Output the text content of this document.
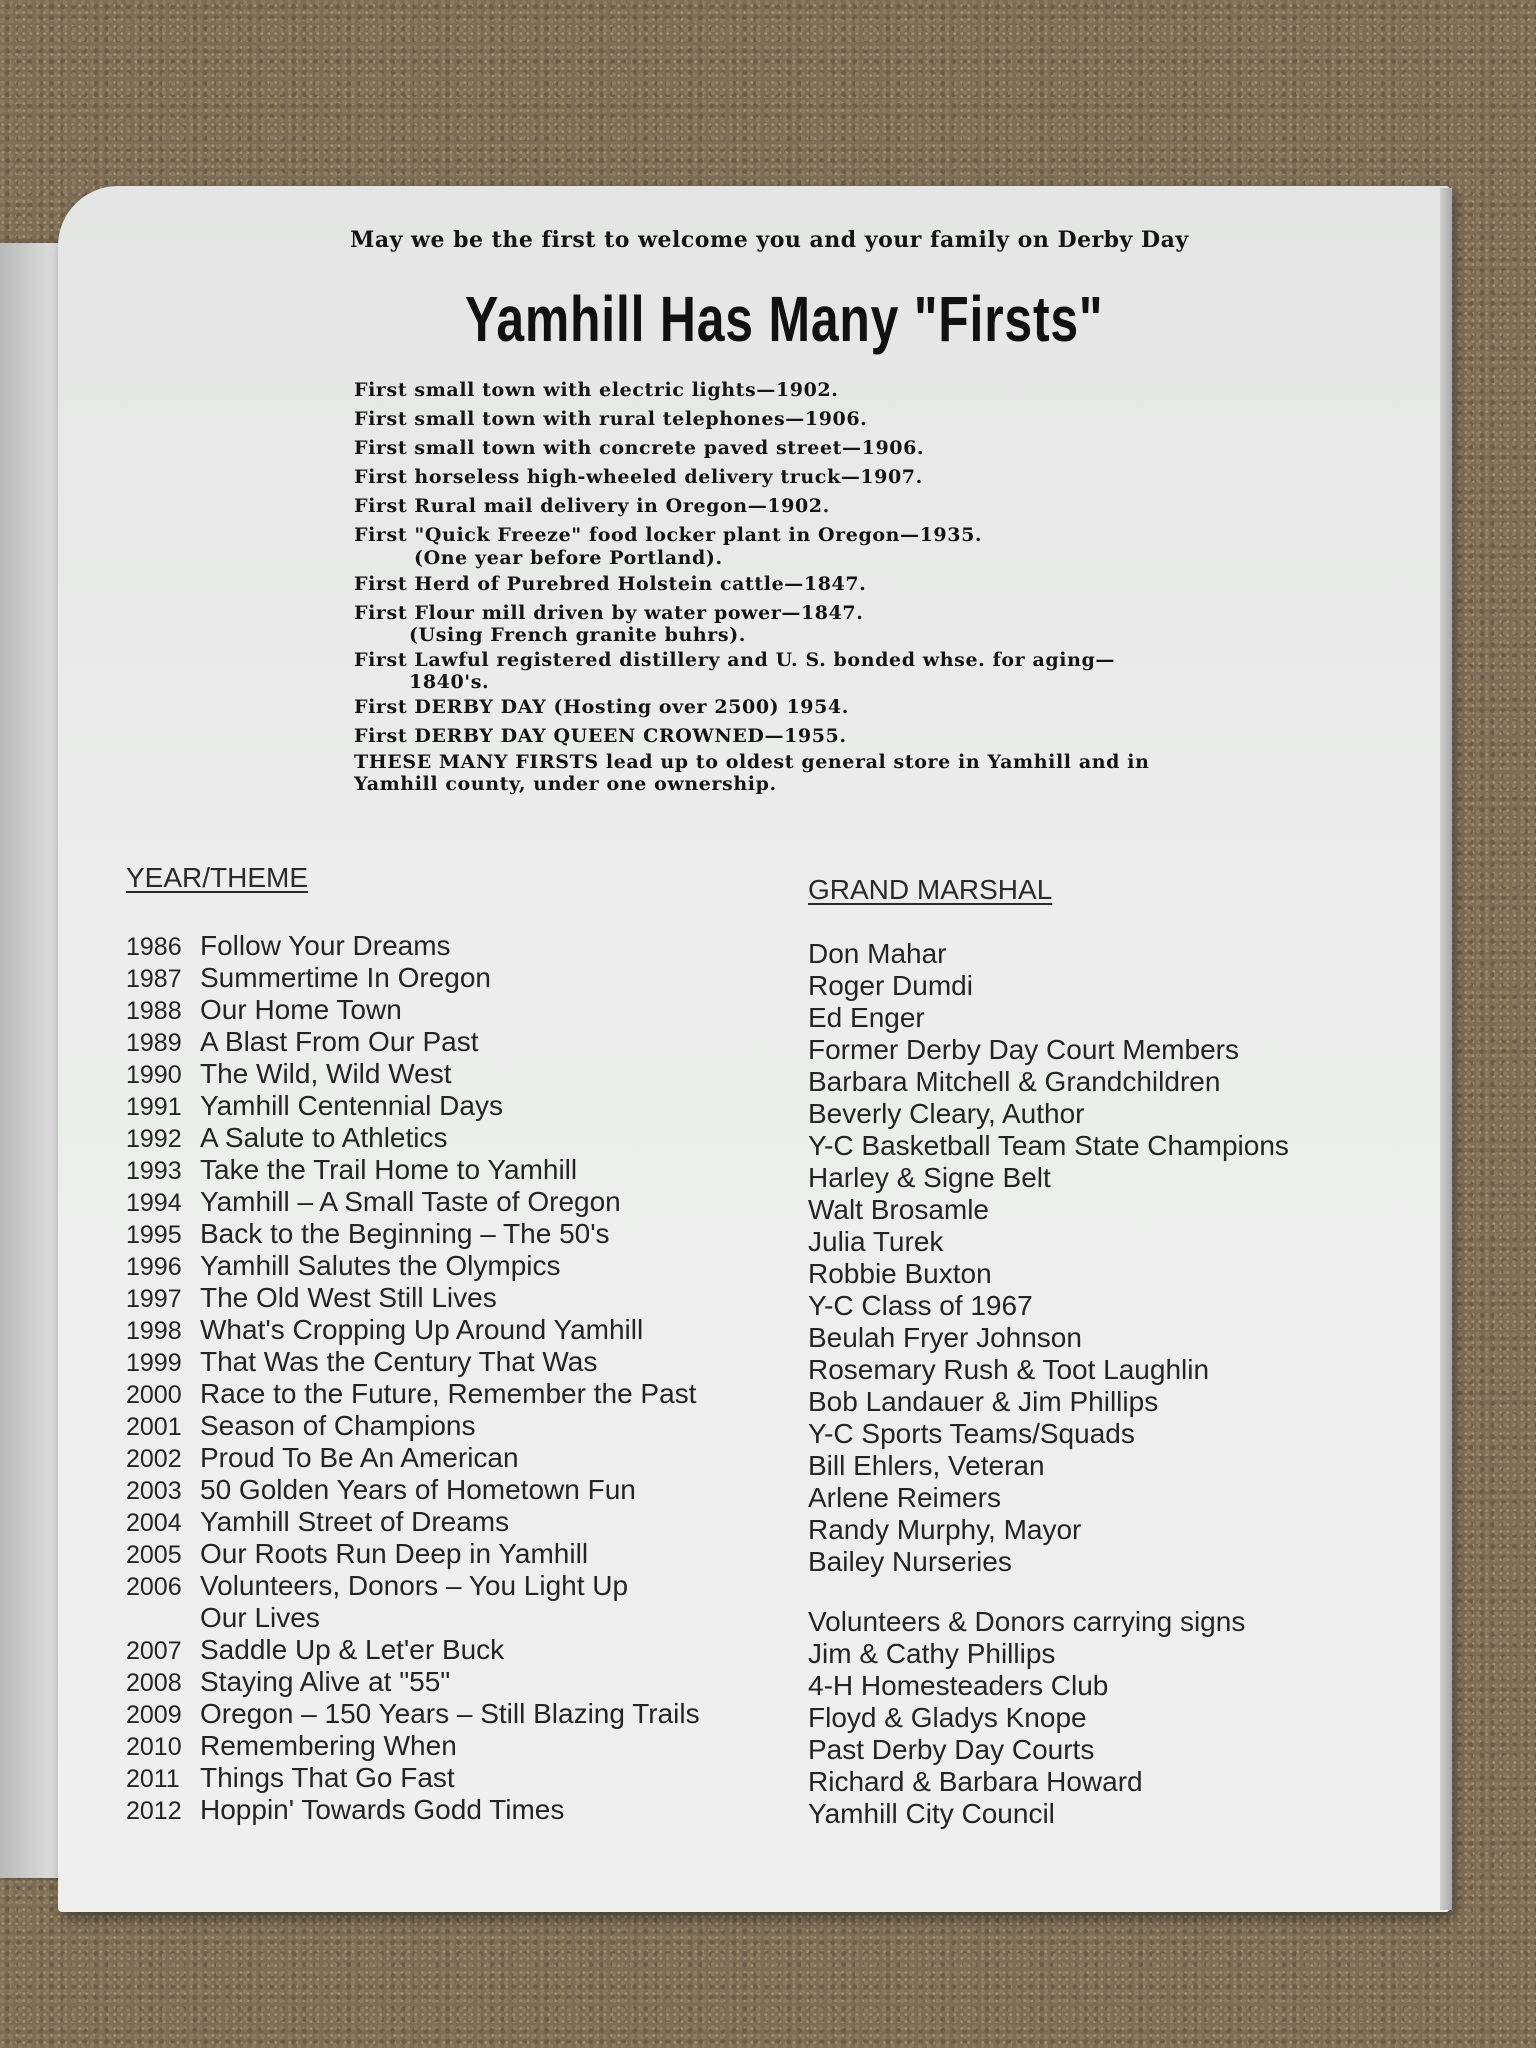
May we be the first to welcome you and your family on Derby Day
Yamhill Has Many "Firsts"
First small town with electric lights—1902.
First small town with rural telephones—1906.
First small town with concrete paved street—1906.
First horseless high-wheeled delivery truck—1907.
First Rural mail delivery in Oregon—1902.
First "Quick Freeze" food locker plant in Oregon—1935.
(One year before Portland).
First Herd of Purebred Holstein cattle—1847.
First Flour mill driven by water power—1847.
(Using French granite buhrs).
First Lawful registered distillery and U. S. bonded whse. for aging—
1840's.
First DERBY DAY (Hosting over 2500) 1954.
First DERBY DAY QUEEN CROWNED—1955.
THESE MANY FIRSTS lead up to oldest general store in Yamhill and in
Yamhill county, under one ownership.
YEAR/THEME	GRAND MARSHAL
1986 Follow Your Dreams
1987 Summertime In Oregon
1988 Our Home Town
1989 A Blast From Our Past
1990 The Wild, Wild West
1991 Yamhill Centennial Days
1992 A Salute to Athletics
1993 Take the Trail Home to Yamhill
1994 Yamhill – A Small Taste of Oregon
1995 Back to the Beginning – The 50's
1996 Yamhill Salutes the Olympics
1997 The Old West Still Lives
1998 What's Cropping Up Around Yamhill
1999 That Was the Century That Was
2000 Race to the Future, Remember the Past
2001 Season of Champions
2002 Proud To Be An American
2003 50 Golden Years of Hometown Fun
2004 Yamhill Street of Dreams
2005 Our Roots Run Deep in Yamhill
2006 Volunteers, Donors – You Light Up
Our Lives
2007 Saddle Up & Let'er Buck
2008 Staying Alive at "55"
2009 Oregon – 150 Years – Still Blazing Trails
2010 Remembering When
2011 Things That Go Fast
2012 Hoppin' Towards Godd Times
Don Mahar
Roger Dumdi
Ed Enger
Former Derby Day Court Members
Barbara Mitchell & Grandchildren
Beverly Cleary, Author
Y-C Basketball Team State Champions
Harley & Signe Belt
Walt Brosamle
Julia Turek
Robbie Buxton
Y-C Class of 1967
Beulah Fryer Johnson
Rosemary Rush & Toot Laughlin
Bob Landauer & Jim Phillips
Y-C Sports Teams/Squads
Bill Ehlers, Veteran
Arlene Reimers
Randy Murphy, Mayor
Bailey Nurseries
Volunteers & Donors carrying signs
Jim & Cathy Phillips
4-H Homesteaders Club
Floyd & Gladys Knope
Past Derby Day Courts
Richard & Barbara Howard
Yamhill City Council
